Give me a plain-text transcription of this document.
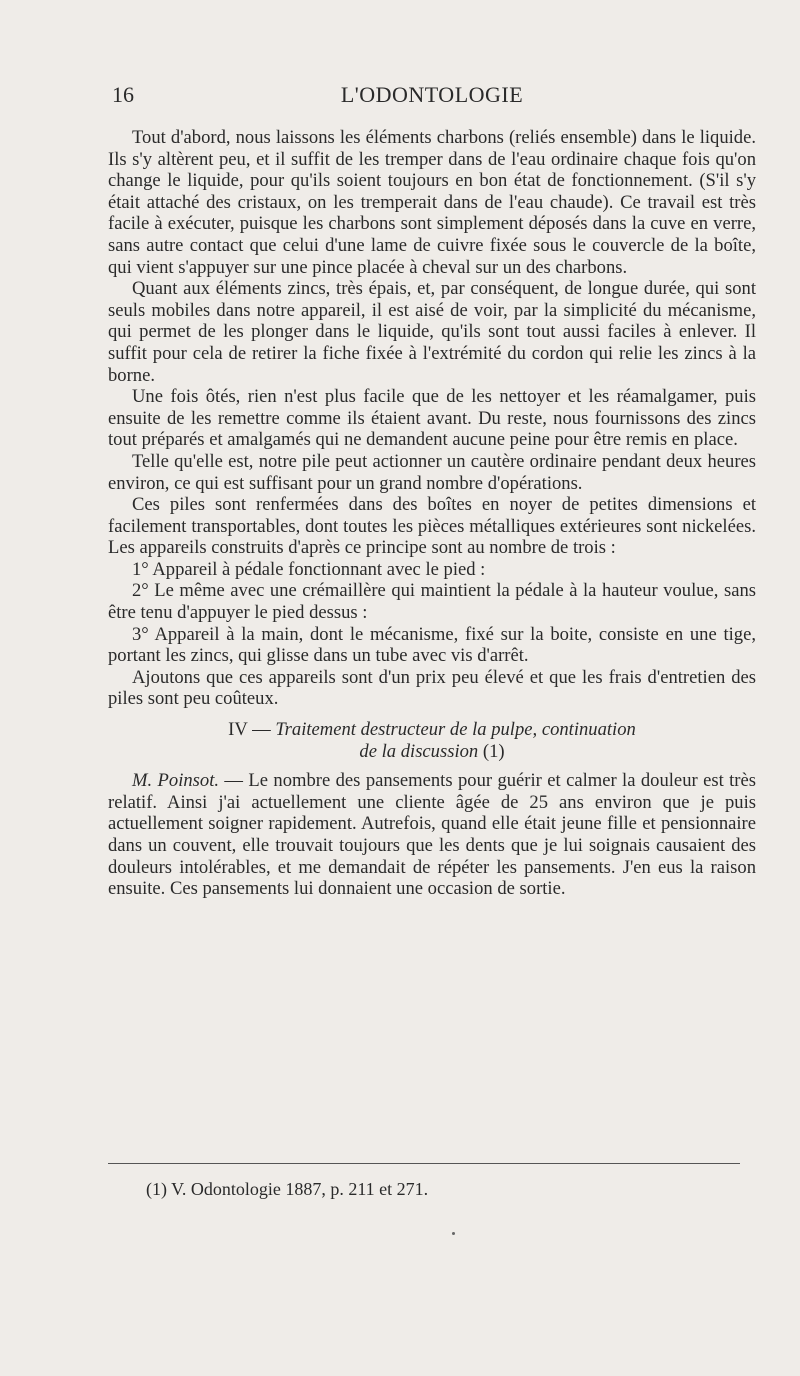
16	L'ODONTOLOGIE

Tout d'abord, nous laissons les éléments charbons (reliés ensemble) dans le liquide. Ils s'y altèrent peu, et il suffit de les tremper dans de l'eau ordinaire chaque fois qu'on change le liquide, pour qu'ils soient toujours en bon état de fonctionnement. (S'il s'y était attaché des cristaux, on les tremperait dans de l'eau chaude). Ce travail est très facile à exécuter, puisque les charbons sont simplement déposés dans la cuve en verre, sans autre contact que celui d'une lame de cuivre fixée sous le couvercle de la boîte, qui vient s'appuyer sur une pince placée à cheval sur un des charbons.

Quant aux éléments zincs, très épais, et, par conséquent, de longue durée, qui sont seuls mobiles dans notre appareil, il est aisé de voir, par la simplicité du mécanisme, qui permet de les plonger dans le liquide, qu'ils sont tout aussi faciles à enlever. Il suffit pour cela de retirer la fiche fixée à l'extrémité du cordon qui relie les zincs à la borne.

Une fois ôtés, rien n'est plus facile que de les nettoyer et les réamalgamer, puis ensuite de les remettre comme ils étaient avant. Du reste, nous fournissons des zincs tout préparés et amalgamés qui ne demandent aucune peine pour être remis en place.

Telle qu'elle est, notre pile peut actionner un cautère ordinaire pendant deux heures environ, ce qui est suffisant pour un grand nombre d'opérations.

Ces piles sont renfermées dans des boîtes en noyer de petites dimensions et facilement transportables, dont toutes les pièces métalliques extérieures sont nickelées. Les appareils construits d'après ce principe sont au nombre de trois :

1° Appareil à pédale fonctionnant avec le pied :

2° Le même avec une crémaillère qui maintient la pédale à la hauteur voulue, sans être tenu d'appuyer le pied dessus :

3° Appareil à la main, dont le mécanisme, fixé sur la boite, consiste en une tige, portant les zincs, qui glisse dans un tube avec vis d'arrêt.

Ajoutons que ces appareils sont d'un prix peu élevé et que les frais d'entretien des piles sont peu coûteux.

IV — Traitement destructeur de la pulpe, continuation
de la discussion (1)

M. Poinsot. — Le nombre des pansements pour guérir et calmer la douleur est très relatif. Ainsi j'ai actuellement une cliente âgée de 25 ans environ que je puis actuellement soigner rapidement. Autrefois, quand elle était jeune fille et pensionnaire dans un couvent, elle trouvait toujours que les dents que je lui soignais causaient des douleurs intolérables, et me demandait de répéter les pansements. J'en eus la raison ensuite. Ces pansements lui donnaient une occasion de sortie.

(1) V. Odontologie 1887, p. 211 et 271.
